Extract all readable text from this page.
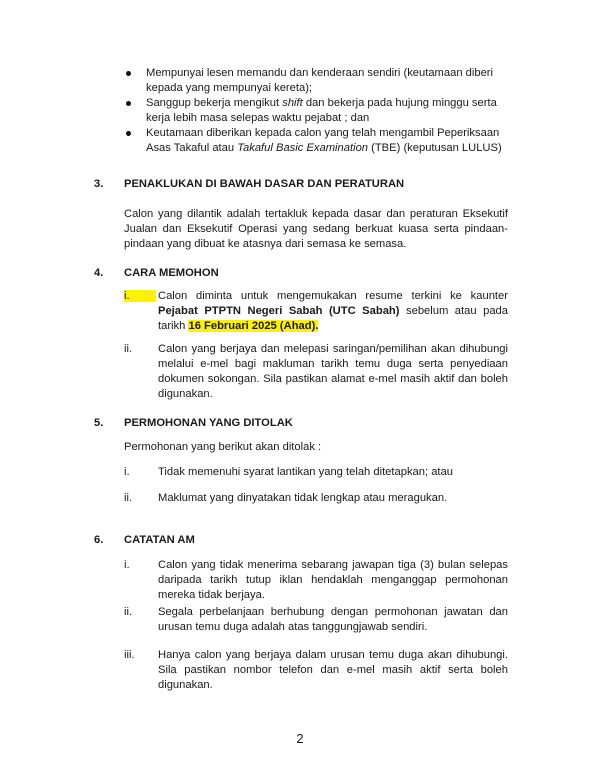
Mempunyai lesen memandu dan kenderaan sendiri (keutamaan diberi kepada yang mempunyai kereta);
Sanggup bekerja mengikut shift dan bekerja pada hujung minggu serta kerja lebih masa selepas waktu pejabat ; dan
Keutamaan diberikan kepada calon yang telah mengambil Peperiksaan Asas Takaful atau Takaful Basic Examination (TBE) (keputusan LULUS)
3. PENAKLUKAN DI BAWAH DASAR DAN PERATURAN
Calon yang dilantik adalah tertakluk kepada dasar dan peraturan Eksekutif Jualan dan Eksekutif Operasi yang sedang berkuat kuasa serta pindaan-pindaan yang dibuat ke atasnya dari semasa ke semasa.
4. CARA MEMOHON
i.	Calon diminta untuk mengemukakan resume terkini ke kaunter Pejabat PTPTN Negeri Sabah (UTC Sabah) sebelum atau pada tarikh 16 Februari 2025 (Ahad).
ii. Calon yang berjaya dan melepasi saringan/pemilihan akan dihubungi melalui e-mel bagi makluman tarikh temu duga serta penyediaan dokumen sokongan. Sila pastikan alamat e-mel masih aktif dan boleh digunakan.
5. PERMOHONAN YANG DITOLAK
Permohonan yang berikut akan ditolak :
i.	Tidak memenuhi syarat lantikan yang telah ditetapkan; atau
ii. Maklumat yang dinyatakan tidak lengkap atau meragukan.
6. CATATAN AM
i.	Calon yang tidak menerima sebarang jawapan tiga (3) bulan selepas daripada tarikh tutup iklan hendaklah menganggap permohonan mereka tidak berjaya.
ii. Segala perbelanjaan berhubung dengan permohonan jawatan dan urusan temu duga adalah atas tanggungjawab sendiri.
iii. Hanya calon yang berjaya dalam urusan temu duga akan dihubungi. Sila pastikan nombor telefon dan e-mel masih aktif serta boleh digunakan.
2
